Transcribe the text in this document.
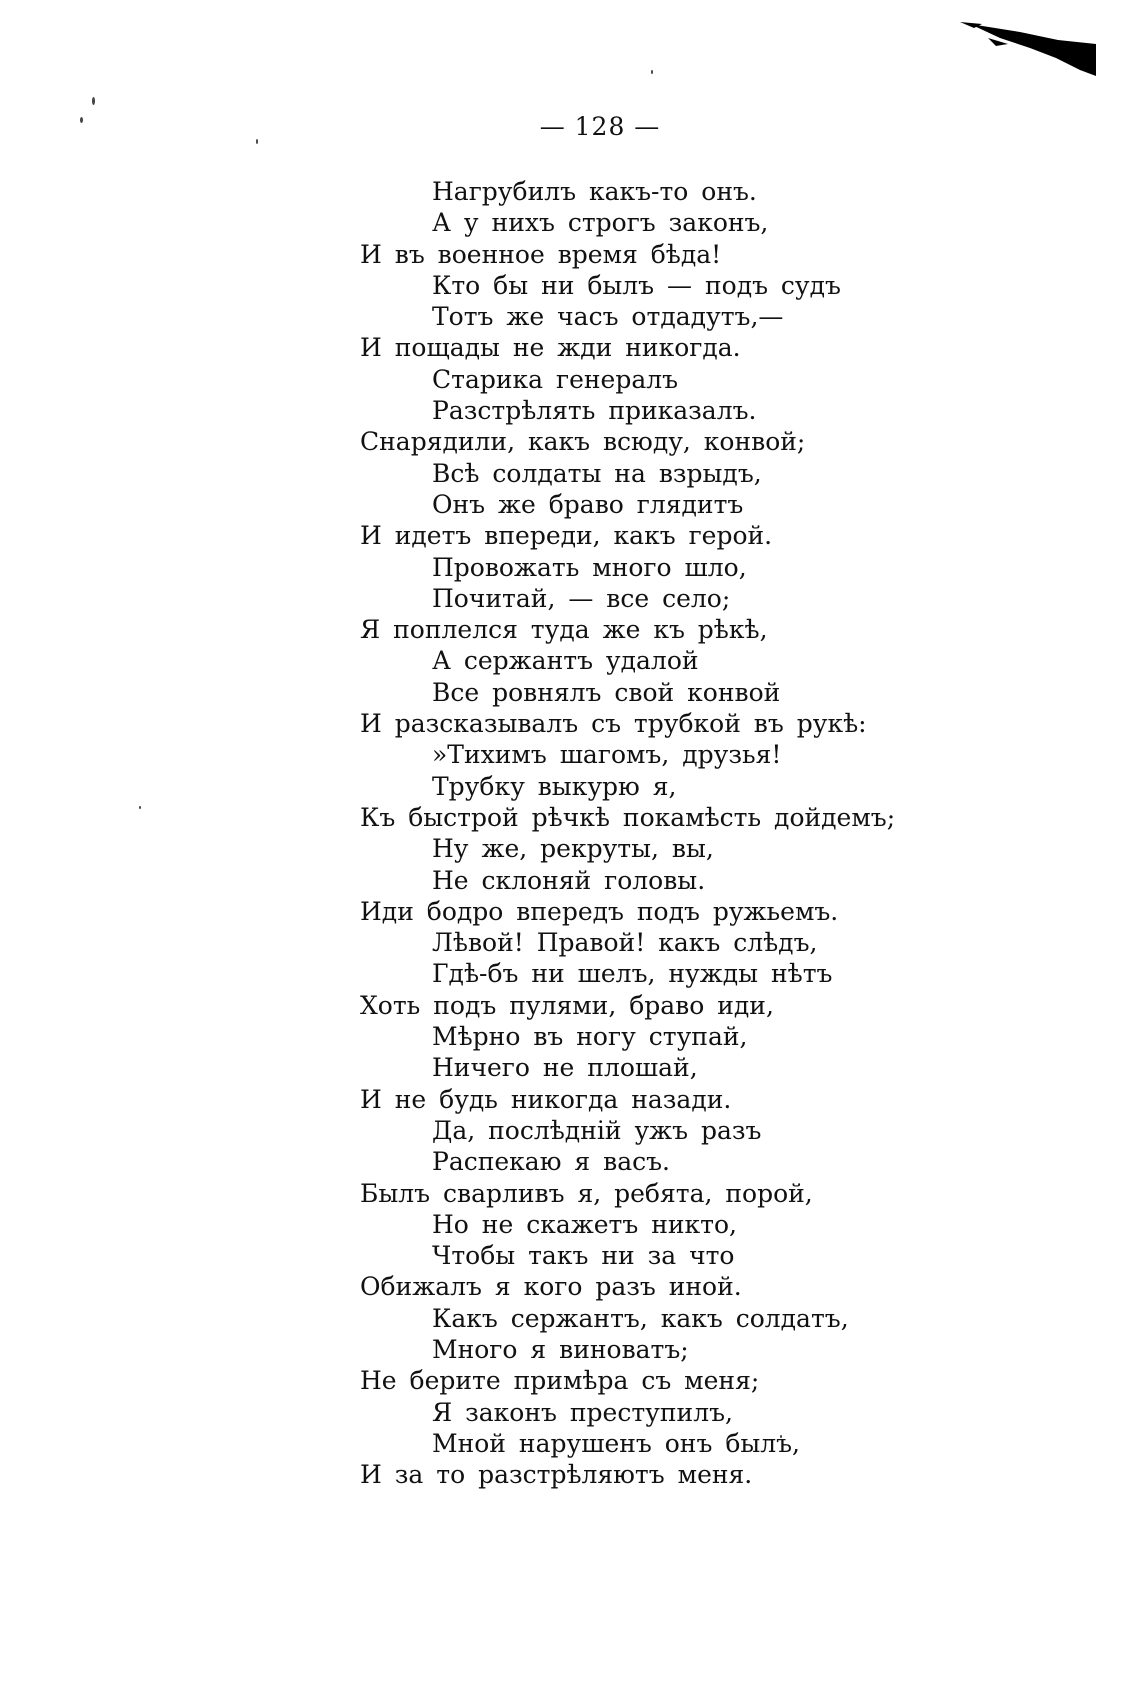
— 128 —
Нагрубилъ какъ-то онъ.
А у нихъ строгъ законъ,
И въ военное время бѣда!
Кто бы ни былъ — подъ судъ
Тотъ же часъ отдадутъ,—
И пощады не жди никогда.
Старика генералъ
Разстрѣлять приказалъ.
Снарядили, какъ всюду, конвой;
Всѣ солдаты на взрыдъ,
Онъ же браво глядитъ
И идетъ впереди, какъ герой.
Провожать много шло,
Почитай, — все село;
Я поплелся туда же къ рѣкѣ,
А сержантъ удалой
Все ровнялъ свой конвой
И разсказывалъ съ трубкой въ рукѣ:
»Тихимъ шагомъ, друзья!
Трубку выкурю я,
Къ быстрой рѣчкѣ покамѣсть дойдемъ;
Ну же, рекруты, вы,
Не склоняй головы.
Иди бодро впередъ подъ ружьемъ.
Лѣвой! Правой! какъ слѣдъ,
Гдѣ-бъ ни шелъ, нужды нѣтъ
Хоть подъ пулями, браво иди,
Мѣрно въ ногу ступай,
Ничего не плошай,
И не будь никогда назади.
Да, послѣднiй ужъ разъ
Распекаю я васъ.
Былъ сварливъ я, ребята, порой,
Но не скажетъ никто,
Чтобы такъ ни за что
Обижалъ я кого разъ иной.
Какъ сержантъ, какъ солдатъ,
Много я виноватъ;
Не берите примѣра съ меня;
Я законъ преступилъ,
Мной нарушенъ онъ былъ,
И за то разстрѣляютъ меня.
